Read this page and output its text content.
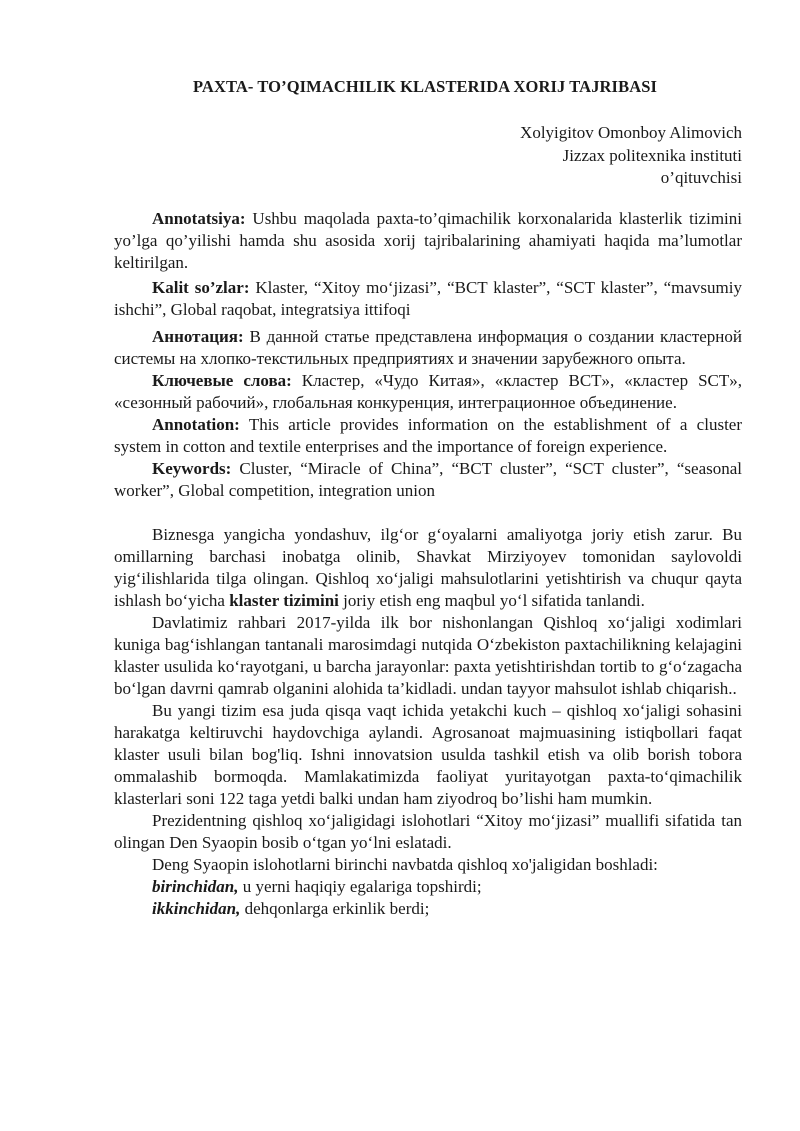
PAXTA- TO’QIMACHILIK KLASTERIDA XORIJ TAJRIBASI
Xolyigitov Omonboy Alimovich
Jizzax politexnika instituti
o’qituvchisi

Annotatsiya: Ushbu maqolada paxta-to’qimachilik korxonalarida klasterlik tizimini yo’lga qo’yilishi hamda shu asosida xorij tajribalarining ahamiyati haqida ma’lumotlar keltirilgan.

Kalit so’zlar: Klaster, “Xitoy mo‘jizasi”, “BCT klaster”, “SCT klaster”, “mavsumiy ishchi”, Global raqobat, integratsiya ittifoqi

Аннотация: В данной статье представлена информация о создании кластерной системы на хлопко-текстильных предприятиях и значении зарубежного опыта.

Ключевые слова: Кластер, «Чудо Китая», «кластер BCT», «кластер SCT», «сезонный рабочий», глобальная конкуренция, интеграционное объединение.

Annotation: This article provides information on the establishment of a cluster system in cotton and textile enterprises and the importance of foreign experience.

Keywords: Cluster, “Miracle of China”, “BCT cluster”, “SCT cluster”, “seasonal worker”, Global competition, integration union

Biznesga yangicha yondashuv, ilg‘or g‘oyalarni amaliyotga joriy etish zarur. Bu omillarning barchasi inobatga olinib, Shavkat Mirziyoyev tomonidan saylovoldi yig‘ilishlarida tilga olingan. Qishloq xo‘jaligi mahsulotlarini yetishtirish va chuqur qayta ishlash bo‘yicha klaster tizimini joriy etish eng maqbul yo‘l sifatida tanlandi.

Davlatimiz rahbari 2017-yilda ilk bor nishonlangan Qishloq xo‘jaligi xodimlari kuniga bag‘ishlangan tantanali marosimdagi nutqida O‘zbekiston paxtachilikning kelajagini klaster usulida ko‘rayotgani, u barcha jarayonlar: paxta yetishtirishdan tortib to g‘o‘zagacha bo‘lgan davrni qamrab olganini alohida ta’kidladi. undan tayyor mahsulot ishlab chiqarish..

Bu yangi tizim esa juda qisqa vaqt ichida yetakchi kuch – qishloq xo‘jaligi sohasini harakatga keltiruvchi haydovchiga aylandi. Agrosanoat majmuasining istiqbollari faqat klaster usuli bilan bog'liq. Ishni innovatsion usulda tashkil etish va olib borish tobora ommalashib bormoqda. Mamlakatimizda faoliyat yuritayotgan paxta-to‘qimachilik klasterlari soni 122 taga yetdi balki undan ham ziyodroq bo’lishi ham mumkin.

Prezidentning qishloq xo‘jaligidagi islohotlari “Xitoy mo‘jizasi” muallifi sifatida tan olingan Den Syaopin bosib o‘tgan yo‘lni eslatadi.

Deng Syaopin islohotlarni birinchi navbatda qishloq xo'jaligidan boshladi:

birinchidan, u yerni haqiqiy egalariga topshirdi;

ikkinchidan, dehqonlarga erkinlik berdi;
